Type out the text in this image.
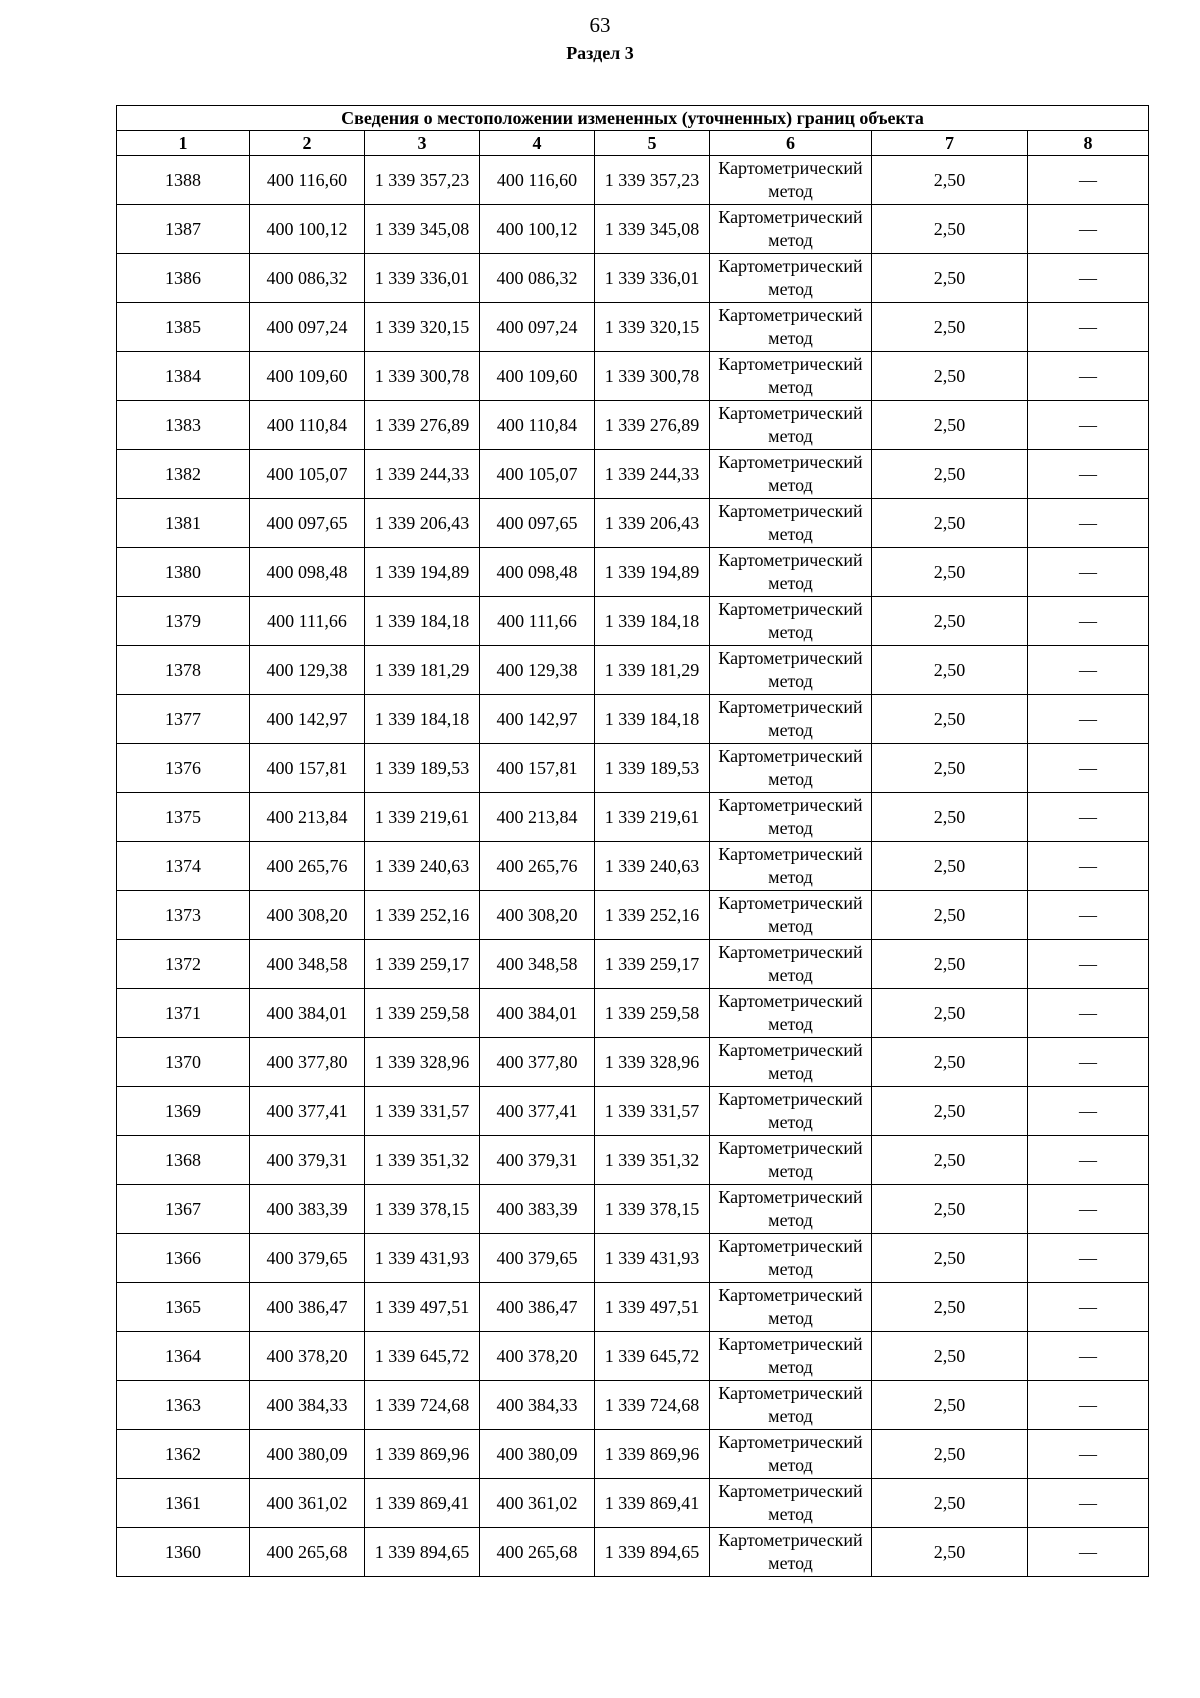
63
Раздел 3
Сведения о местоположении измененных (уточненных) границ объекта							
1	2	3	4	5	6	7	8
1388	400 116,60	1 339 357,23	400 116,60	1 339 357,23	Картометрический метод	2,50	—
1387	400 100,12	1 339 345,08	400 100,12	1 339 345,08	Картометрический метод	2,50	—
1386	400 086,32	1 339 336,01	400 086,32	1 339 336,01	Картометрический метод	2,50	—
1385	400 097,24	1 339 320,15	400 097,24	1 339 320,15	Картометрический метод	2,50	—
1384	400 109,60	1 339 300,78	400 109,60	1 339 300,78	Картометрический метод	2,50	—
1383	400 110,84	1 339 276,89	400 110,84	1 339 276,89	Картометрический метод	2,50	—
1382	400 105,07	1 339 244,33	400 105,07	1 339 244,33	Картометрический метод	2,50	—
1381	400 097,65	1 339 206,43	400 097,65	1 339 206,43	Картометрический метод	2,50	—
1380	400 098,48	1 339 194,89	400 098,48	1 339 194,89	Картометрический метод	2,50	—
1379	400 111,66	1 339 184,18	400 111,66	1 339 184,18	Картометрический метод	2,50	—
1378	400 129,38	1 339 181,29	400 129,38	1 339 181,29	Картометрический метод	2,50	—
1377	400 142,97	1 339 184,18	400 142,97	1 339 184,18	Картометрический метод	2,50	—
1376	400 157,81	1 339 189,53	400 157,81	1 339 189,53	Картометрический метод	2,50	—
1375	400 213,84	1 339 219,61	400 213,84	1 339 219,61	Картометрический метод	2,50	—
1374	400 265,76	1 339 240,63	400 265,76	1 339 240,63	Картометрический метод	2,50	—
1373	400 308,20	1 339 252,16	400 308,20	1 339 252,16	Картометрический метод	2,50	—
1372	400 348,58	1 339 259,17	400 348,58	1 339 259,17	Картометрический метод	2,50	—
1371	400 384,01	1 339 259,58	400 384,01	1 339 259,58	Картометрический метод	2,50	—
1370	400 377,80	1 339 328,96	400 377,80	1 339 328,96	Картометрический метод	2,50	—
1369	400 377,41	1 339 331,57	400 377,41	1 339 331,57	Картометрический метод	2,50	—
1368	400 379,31	1 339 351,32	400 379,31	1 339 351,32	Картометрический метод	2,50	—
1367	400 383,39	1 339 378,15	400 383,39	1 339 378,15	Картометрический метод	2,50	—
1366	400 379,65	1 339 431,93	400 379,65	1 339 431,93	Картометрический метод	2,50	—
1365	400 386,47	1 339 497,51	400 386,47	1 339 497,51	Картометрический метод	2,50	—
1364	400 378,20	1 339 645,72	400 378,20	1 339 645,72	Картометрический метод	2,50	—
1363	400 384,33	1 339 724,68	400 384,33	1 339 724,68	Картометрический метод	2,50	—
1362	400 380,09	1 339 869,96	400 380,09	1 339 869,96	Картометрический метод	2,50	—
1361	400 361,02	1 339 869,41	400 361,02	1 339 869,41	Картометрический метод	2,50	—
1360	400 265,68	1 339 894,65	400 265,68	1 339 894,65	Картометрический метод	2,50	—
